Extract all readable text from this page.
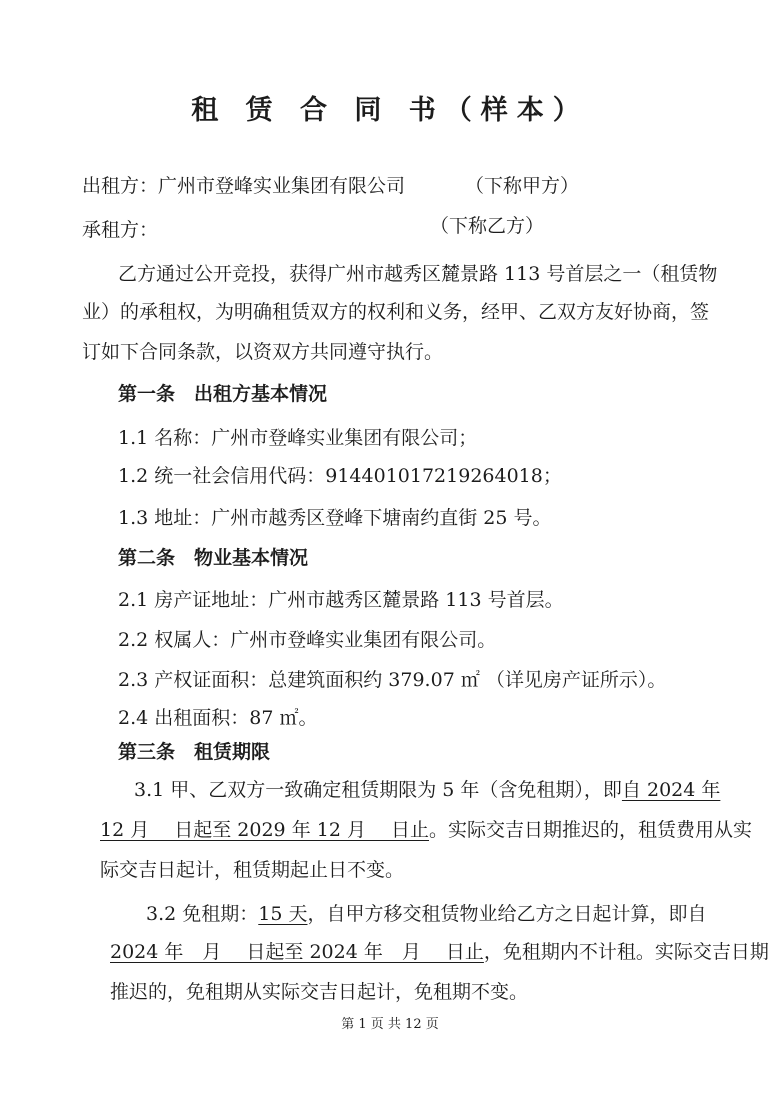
租 赁 合 同 书（样本）
出租方：广州市登峰实业集团有限公司	（下称甲方）
承租方：	（下称乙方）
乙方通过公开竞投，获得广州市越秀区麓景路 113 号首层之一（租赁物
业）的承租权，为明确租赁双方的权利和义务，经甲、乙双方友好协商，签
订如下合同条款，以资双方共同遵守执行。
第一条　出租方基本情况
1.1 名称：广州市登峰实业集团有限公司；
1.2 统一社会信用代码：914401017219264018；
1.3 地址：广州市越秀区登峰下塘南约直街 25 号。
第二条　物业基本情况
2.1 房产证地址：广州市越秀区麓景路 113 号首层。
2.2 权属人：广州市登峰实业集团有限公司。
2.3 产权证面积：总建筑面积约 379.07 ㎡ （详见房产证所示）。
2.4 出租面积：87 ㎡。
第三条　租赁期限
3.1 甲、乙双方一致确定租赁期限为 5 年（含免租期），即自 2024 年
12 月　 日起至 2029 年 12 月　 日止。实际交吉日期推迟的，租赁费用从实
际交吉日起计，租赁期起止日不变。
3.2 免租期：15 天，自甲方移交租赁物业给乙方之日起计算，即自
2024 年　月　 日起至 2024 年　月　 日止，免租期内不计租。实际交吉日期
推迟的，免租期从实际交吉日起计，免租期不变。
第 1 页 共 12 页
